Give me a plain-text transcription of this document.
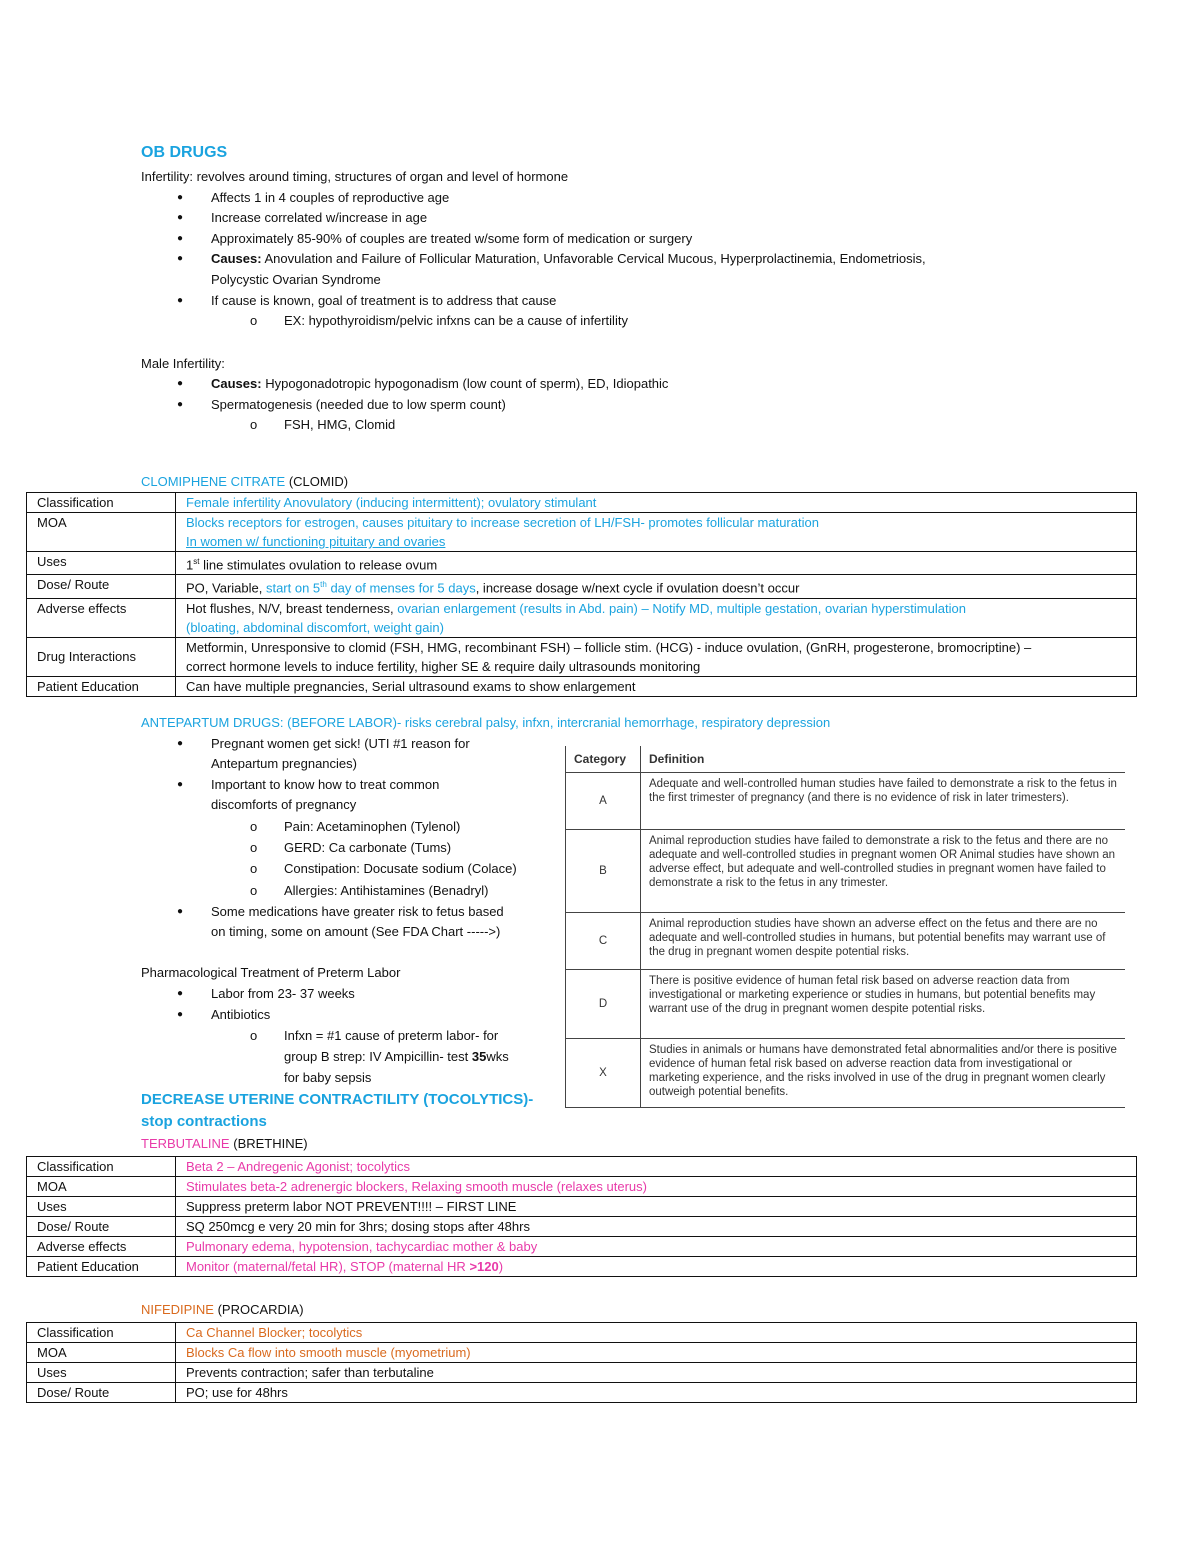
OB DRUGS
Infertility: revolves around timing, structures of organ and level of hormone
● Affects 1 in 4 couples of reproductive age
● Increase correlated w/increase in age
● Approximately 85-90% of couples are treated w/some form of medication or surgery
● Causes: Anovulation and Failure of Follicular Maturation, Unfavorable Cervical Mucous, Hyperprolactinemia, Endometriosis,
Polycystic Ovarian Syndrome
● If cause is known, goal of treatment is to address that cause
o EX: hypothyroidism/pelvic infxns can be a cause of infertility
Male Infertility:
● Causes: Hypogonadotropic hypogonadism (low count of sperm), ED, Idiopathic
● Spermatogenesis (needed due to low sperm count)
o FSH, HMG, Clomid
CLOMIPHENE CITRATE (CLOMID)
Classification	Female infertility Anovulatory (inducing intermittent); ovulatory stimulant
MOA	Blocks receptors for estrogen, causes pituitary to increase secretion of LH/FSH- promotes follicular maturation
In women w/ functioning pituitary and ovaries

Uses	1st line stimulates ovulation to release ovum
Dose/ Route	PO, Variable, start on 5th day of menses for 5 days, increase dosage w/next cycle if ovulation doesn’t occur
Adverse effects	Hot flushes, N/V, breast tenderness, ovarian enlargement (results in Abd. pain) – Notify MD, multiple gestation, ovarian hyperstimulation
(bloating, abdominal discomfort, weight gain)

Drug Interactions	Metformin, Unresponsive to clomid (FSH, HMG, recombinant FSH) – follicle stim. (HCG) - induce ovulation, (GnRH, progesterone, bromocriptine) –
correct hormone levels to induce fertility, higher SE & require daily ultrasounds monitoring

Patient Education	Can have multiple pregnancies, Serial ultrasound exams to show enlargement
ANTEPARTUM DRUGS: (BEFORE LABOR)- risks cerebral palsy, infxn, intercranial hemorrhage, respiratory depression
● Pregnant women get sick! (UTI #1 reason for
Antepartum pregnancies)
● Important to know how to treat common
discomforts of pregnancy
o Pain: Acetaminophen (Tylenol)
o GERD: Ca carbonate (Tums)
o Constipation: Docusate sodium (Colace)
o Allergies: Antihistamines (Benadryl)
● Some medications have greater risk to fetus based
on timing, some on amount (See FDA Chart ----->)
Pharmacological Treatment of Preterm Labor
● Labor from 23- 37 weeks
● Antibiotics
o Infxn = #1 cause of preterm labor- for
group B strep: IV Ampicillin- test 35wks
for baby sepsis
DECREASE UTERINE CONTRACTILITY (TOCOLYTICS)-
stop contractions
Category	Definition
A	Adequate and well-controlled human studies have failed to demonstrate a risk to the fetus in the first trimester of pregnancy (and there is no evidence of risk in later trimesters).
B	Animal reproduction studies have failed to demonstrate a risk to the fetus and there are no adequate and well-controlled studies in pregnant women OR Animal studies have shown an adverse effect, but adequate and well-controlled studies in pregnant women have failed to demonstrate a risk to the fetus in any trimester.
C	Animal reproduction studies have shown an adverse effect on the fetus and there are no adequate and well-controlled studies in humans, but potential benefits may warrant use of the drug in pregnant women despite potential risks.
D	There is positive evidence of human fetal risk based on adverse reaction data from investigational or marketing experience or studies in humans, but potential benefits may warrant use of the drug in pregnant women despite potential risks.
X	Studies in animals or humans have demonstrated fetal abnormalities and/or there is positive evidence of human fetal risk based on adverse reaction data from investigational or marketing experience, and the risks involved in use of the drug in pregnant women clearly outweigh potential benefits.
TERBUTALINE (BRETHINE)
Classification	Beta 2 – Andregenic Agonist; tocolytics
MOA	Stimulates beta-2 adrenergic blockers, Relaxing smooth muscle (relaxes uterus)
Uses	Suppress preterm labor NOT PREVENT!!!! – FIRST LINE
Dose/ Route	SQ 250mcg e very 20 min for 3hrs; dosing stops after 48hrs
Adverse effects	Pulmonary edema, hypotension, tachycardiac mother & baby
Patient Education	Monitor (maternal/fetal HR), STOP (maternal HR >120)
NIFEDIPINE (PROCARDIA)
Classification	Ca Channel Blocker; tocolytics
MOA	Blocks Ca flow into smooth muscle (myometrium)
Uses	Prevents contraction; safer than terbutaline
Dose/ Route	PO; use for 48hrs
